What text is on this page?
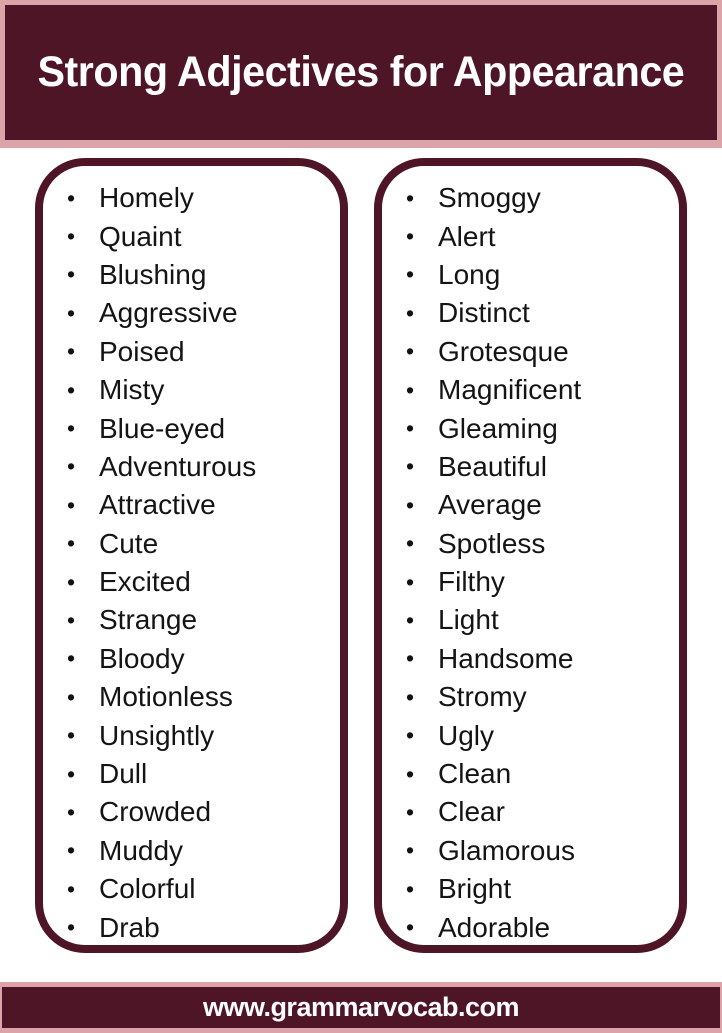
Strong Adjectives for Appearance
• Homely
• Quaint
• Blushing
• Aggressive
• Poised
• Misty
• Blue-eyed
• Adventurous
• Attractive
• Cute
• Excited
• Strange
• Bloody
• Motionless
• Unsightly
• Dull
• Crowded
• Muddy
• Colorful
• Drab
• Smoggy
• Alert
• Long
• Distinct
• Grotesque
• Magnificent
• Gleaming
• Beautiful
• Average
• Spotless
• Filthy
• Light
• Handsome
• Stromy
• Ugly
• Clean
• Clear
• Glamorous
• Bright
• Adorable
www.grammarvocab.com
